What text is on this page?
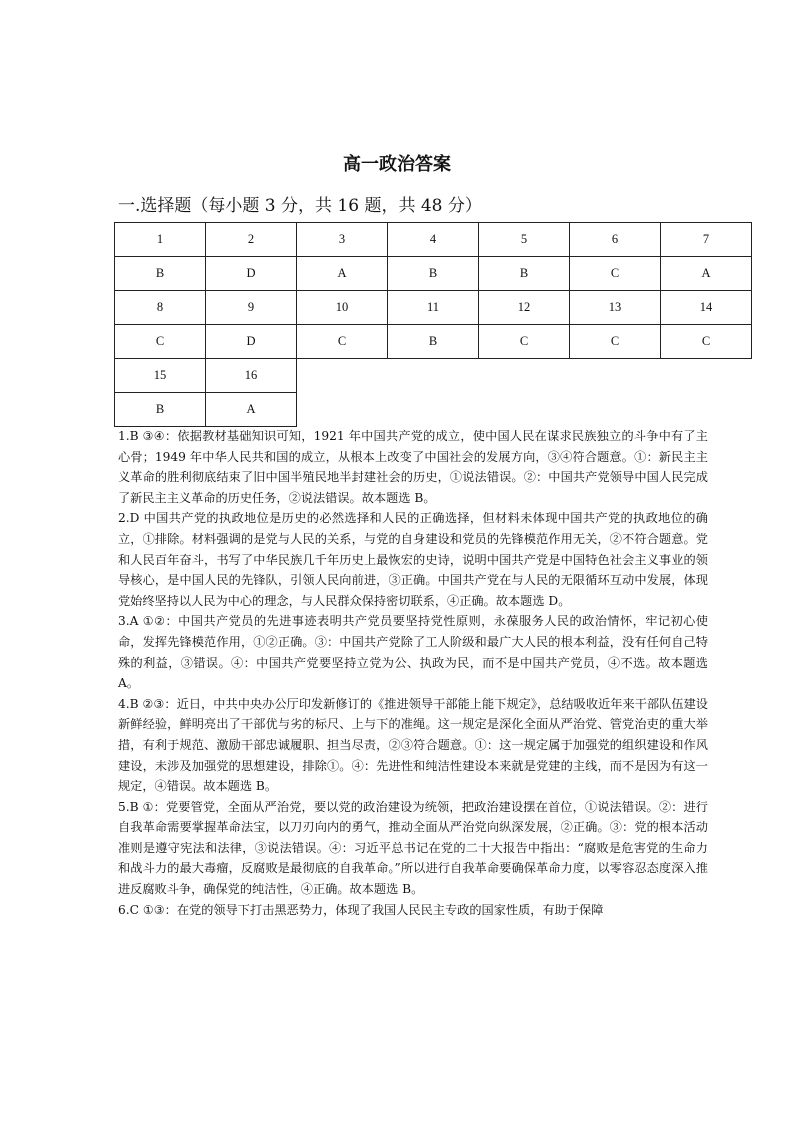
高一政治答案
一.选择题（每小题 3 分，共 16 题，共 48 分）
1	2	3	4	5	6	7
B	D	A	B	B	C	A
8	9	10	11	12	13	14
C	D	C	B	C	C	C
15	16					
B	A					

1.B ③④：依据教材基础知识可知，1921 年中国共产党的成立，使中国人民在谋求民族独立的斗争中有了主心骨；1949 年中华人民共和国的成立，从根本上改变了中国社会的发展方向，③④符合题意。①：新民主主义革命的胜利彻底结束了旧中国半殖民地半封建社会的历史，①说法错误。②：中国共产党领导中国人民完成了新民主主义革命的历史任务，②说法错误。故本题选 B。

2.D 中国共产党的执政地位是历史的必然选择和人民的正确选择，但材料未体现中国共产党的执政地位的确立，①排除。材料强调的是党与人民的关系，与党的自身建设和党员的先锋模范作用无关，②不符合题意。党和人民百年奋斗，书写了中华民族几千年历史上最恢宏的史诗，说明中国共产党是中国特色社会主义事业的领导核心，是中国人民的先锋队，引领人民向前进，③正确。中国共产党在与人民的无限循环互动中发展，体现党始终坚持以人民为中心的理念，与人民群众保持密切联系，④正确。故本题选 D。

3.A ①②：中国共产党员的先进事迹表明共产党员要坚持党性原则，永葆服务人民的政治情怀，牢记初心使命，发挥先锋模范作用，①②正确。③：中国共产党除了工人阶级和最广大人民的根本利益，没有任何自己特殊的利益，③错误。④：中国共产党要坚持立党为公、执政为民，而不是中国共产党员，④不选。故本题选 A。

4.B ②③：近日，中共中央办公厅印发新修订的《推进领导干部能上能下规定》，总结吸收近年来干部队伍建设新鲜经验，鲜明亮出了干部优与劣的标尺、上与下的准绳。这一规定是深化全面从严治党、管党治吏的重大举措，有利于规范、激励干部忠诚履职、担当尽责，②③符合题意。①：这一规定属于加强党的组织建设和作风建设，未涉及加强党的思想建设，排除①。④：先进性和纯洁性建设本来就是党建的主线，而不是因为有这一规定，④错误。故本题选 B。

5.B ①：党要管党，全面从严治党，要以党的政治建设为统领，把政治建设摆在首位，①说法错误。②：进行自我革命需要掌握革命法宝，以刀刃向内的勇气，推动全面从严治党向纵深发展，②正确。③：党的根本活动准则是遵守宪法和法律，③说法错误。④：习近平总书记在党的二十大报告中指出：“腐败是危害党的生命力和战斗力的最大毒瘤，反腐败是最彻底的自我革命。”所以进行自我革命要确保革命力度，以零容忍态度深入推进反腐败斗争，确保党的纯洁性，④正确。故本题选 B。

6.C ①③：在党的领导下打击黑恶势力，体现了我国人民民主专政的国家性质，有助于保障
